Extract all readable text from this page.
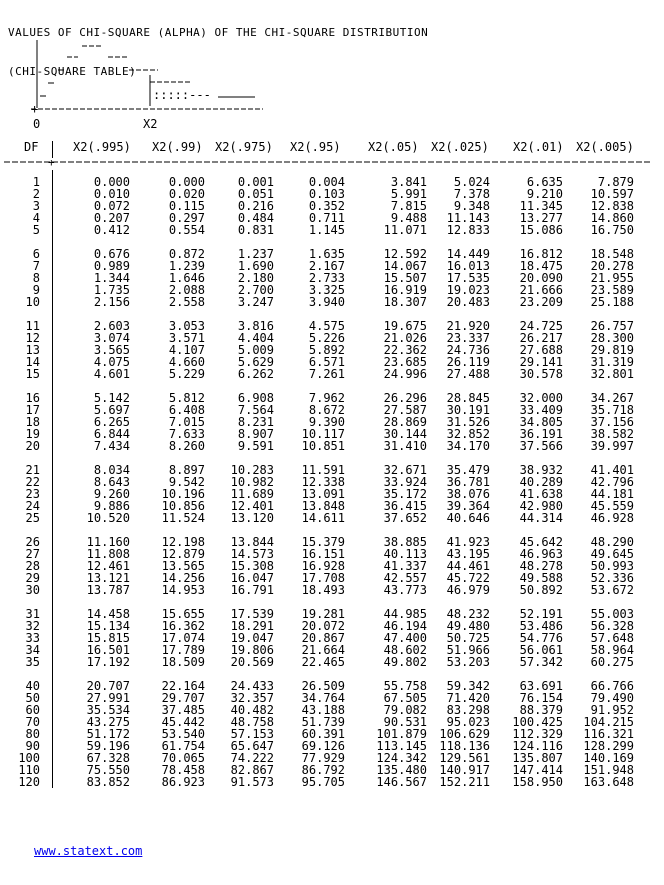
VALUES OF CHI-SQUARE (ALPHA) OF THE CHI-SQUARE DISTRIBUTION

(CHI-SQUARE TABLE)

+
:::::---
0	X2
DF	X2(.995) X2(.99) X2(.975) X2(.95) X2(.05) X2(.025) X2(.01) X2(.005)
+
1	0.000	0.000	0.001	0.004	3.841 5.024	6.635	7.879
2	0.010	0.020	0.051	0.103	5.991 7.378	9.210 10.597
3	0.072	0.115	0.216	0.352	7.815 9.348 11.345 12.838
4	0.207	0.297	0.484	0.711	9.488 11.143 13.277 14.860
5	0.412	0.554	0.831	1.145	11.071 12.833 15.086 16.750
6	0.676	0.872	1.237	1.635	12.592 14.449 16.812 18.548
7	0.989	1.239	1.690	2.167	14.067 16.013 18.475 20.278
8	1.344	1.646	2.180	2.733	15.507 17.535 20.090 21.955
9	1.735	2.088	2.700	3.325	16.919 19.023 21.666 23.589
10	2.156	2.558	3.247	3.940	18.307 20.483 23.209 25.188
11	2.603	3.053	3.816	4.575	19.675 21.920 24.725 26.757
12	3.074	3.571	4.404	5.226	21.026 23.337 26.217 28.300
13	3.565	4.107	5.009	5.892	22.362 24.736 27.688 29.819
14	4.075	4.660	5.629	6.571	23.685 26.119 29.141 31.319
15	4.601	5.229	6.262	7.261	24.996 27.488 30.578 32.801
16	5.142	5.812	6.908	7.962	26.296 28.845 32.000 34.267
17	5.697	6.408	7.564	8.672	27.587 30.191 33.409 35.718
18	6.265	7.015	8.231	9.390	28.869 31.526 34.805 37.156
19	6.844	7.633	8.907 10.117	30.144 32.852 36.191 38.582
20	7.434	8.260	9.591 10.851	31.410 34.170 37.566 39.997
21	8.034	8.897 10.283 11.591	32.671 35.479 38.932 41.401
22	8.643	9.542 10.982 12.338	33.924 36.781 40.289 42.796
23	9.260	10.196 11.689 13.091	35.172 38.076 41.638 44.181
24	9.886	10.856 12.401 13.848	36.415 39.364 42.980 45.559
25	10.520	11.524 13.120 14.611	37.652 40.646 44.314 46.928
26	11.160	12.198 13.844 15.379	38.885 41.923 45.642 48.290
27	11.808	12.879 14.573 16.151	40.113 43.195 46.963 49.645
28	12.461	13.565 15.308 16.928	41.337 44.461 48.278 50.993
29	13.121	14.256 16.047 17.708	42.557 45.722 49.588 52.336
30	13.787	14.953 16.791 18.493	43.773 46.979 50.892 53.672
31	14.458	15.655 17.539 19.281	44.985 48.232 52.191 55.003
32	15.134	16.362 18.291 20.072	46.194 49.480 53.486 56.328
33	15.815	17.074 19.047 20.867	47.400 50.725 54.776 57.648
34	16.501	17.789 19.806 21.664	48.602 51.966 56.061 58.964
35	17.192	18.509 20.569 22.465	49.802 53.203 57.342 60.275
40	20.707	22.164 24.433 26.509	55.758 59.342 63.691 66.766
50	27.991	29.707 32.357 34.764	67.505 71.420 76.154 79.490
60	35.534	37.485 40.482 43.188	79.082 83.298 88.379 91.952
70	43.275	45.442 48.758 51.739	90.531 95.023 100.425 104.215
80	51.172	53.540 57.153 60.391	101.879 106.629 112.329 116.321
90	59.196	61.754 65.647 69.126	113.145 118.136 124.116 128.299
100	67.328	70.065 74.222 77.929	124.342 129.561 135.807 140.169
110	75.550	78.458 82.867 86.792	135.480 140.917 147.414 151.948
120	83.852	86.923 91.573 95.705	146.567 152.211 158.950 163.648
www.statext.com
